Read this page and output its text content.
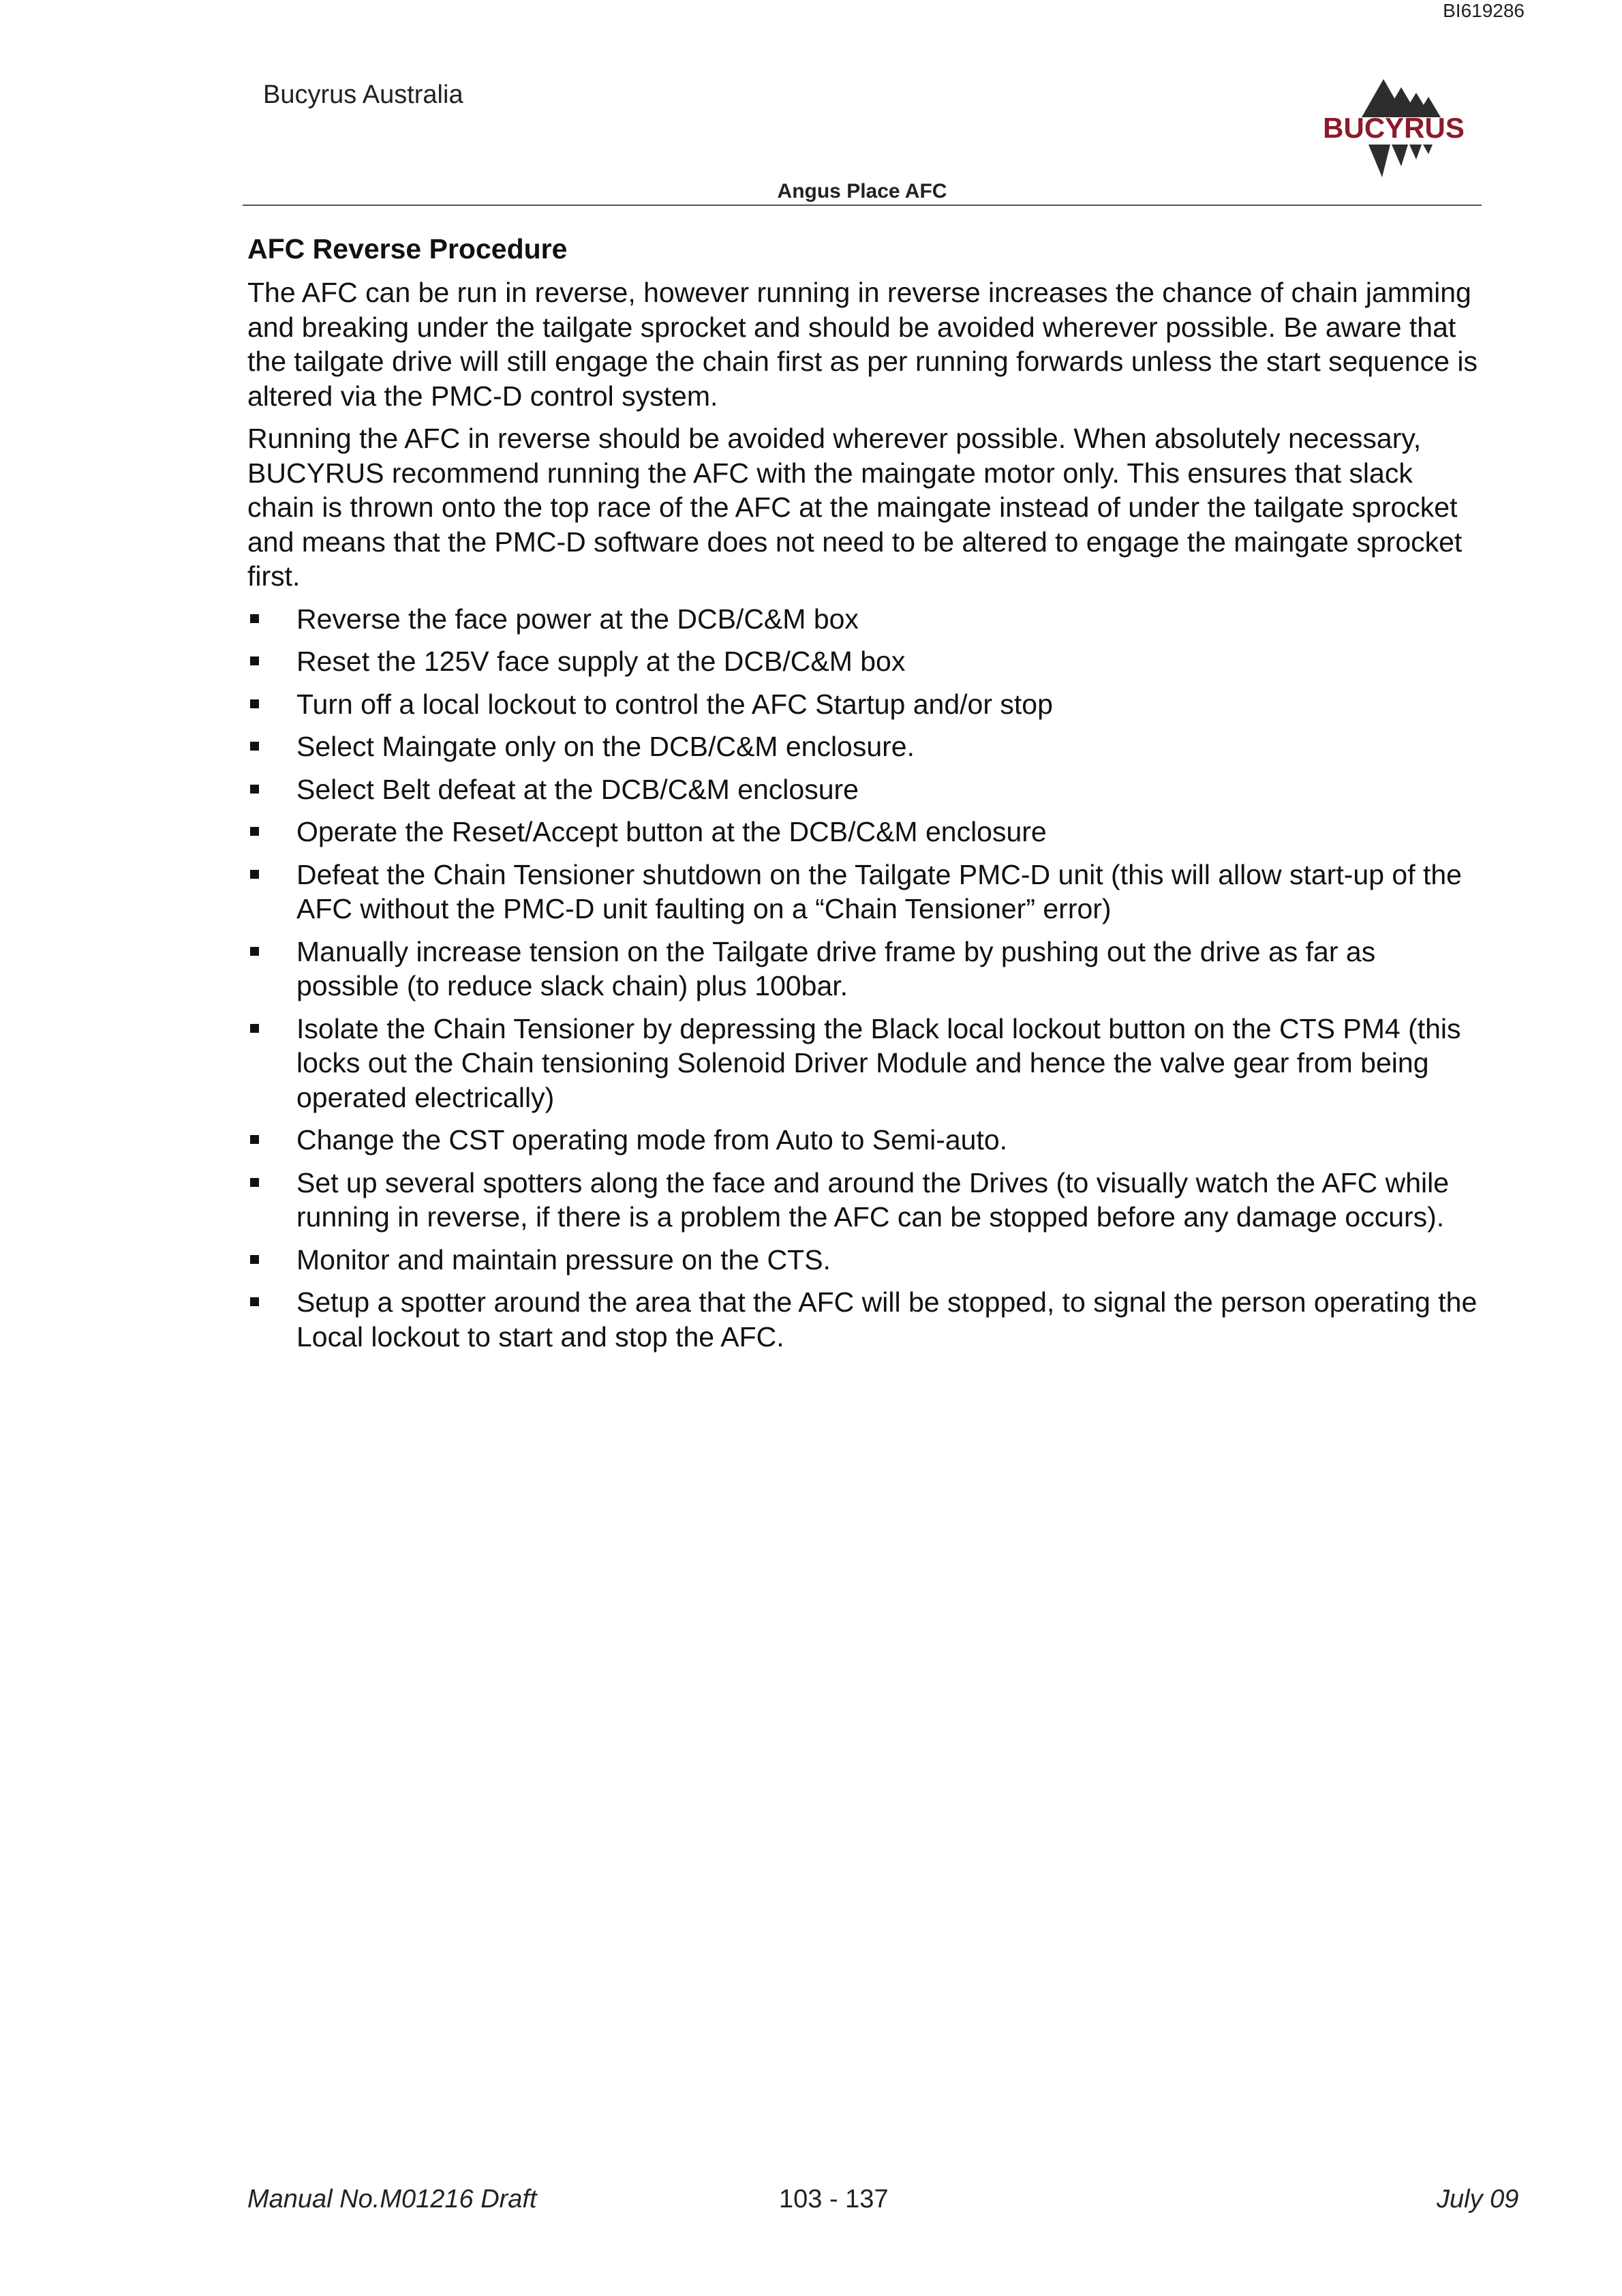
BI619286
Bucyrus Australia
BUCYRUS
Angus Place AFC
AFC Reverse Procedure

The AFC can be run in reverse, however running in reverse increases the chance of chain jamming and breaking under the tailgate sprocket and should be avoided wherever possible. Be aware that the tailgate drive will still engage the chain first as per running forwards unless the start sequence is altered via the PMC-D control system.

Running the AFC in reverse should be avoided wherever possible. When absolutely necessary, BUCYRUS recommend running the AFC with the maingate motor only. This ensures that slack chain is thrown onto the top race of the AFC at the maingate instead of under the tailgate sprocket and means that the PMC-D software does not need to be altered to engage the maingate sprocket first.

Reverse the face power at the DCB/C&M box
Reset the 125V face supply at the DCB/C&M box
Turn off a local lockout to control the AFC Startup and/or stop
Select Maingate only on the DCB/C&M enclosure.
Select Belt defeat at the DCB/C&M enclosure
Operate the Reset/Accept button at the DCB/C&M enclosure
Defeat the Chain Tensioner shutdown on the Tailgate PMC-D unit (this will allow start-up of the AFC without the PMC-D unit faulting on a “Chain Tensioner” error)
Manually increase tension on the Tailgate drive frame by pushing out the drive as far as possible (to reduce slack chain) plus 100bar.
Isolate the Chain Tensioner by depressing the Black local lockout button on the CTS PM4 (this locks out the Chain tensioning Solenoid Driver Module and hence the valve gear from being operated electrically)
Change the CST operating mode from Auto to Semi-auto.
Set up several spotters along the face and around the Drives (to visually watch the AFC while running in reverse, if there is a problem the AFC can be stopped before any damage occurs).
Monitor and maintain pressure on the CTS.
Setup a spotter around the area that the AFC will be stopped, to signal the person operating the Local lockout to start and stop the AFC.
Manual No.M01216 Draft	103 - 137	July 09
